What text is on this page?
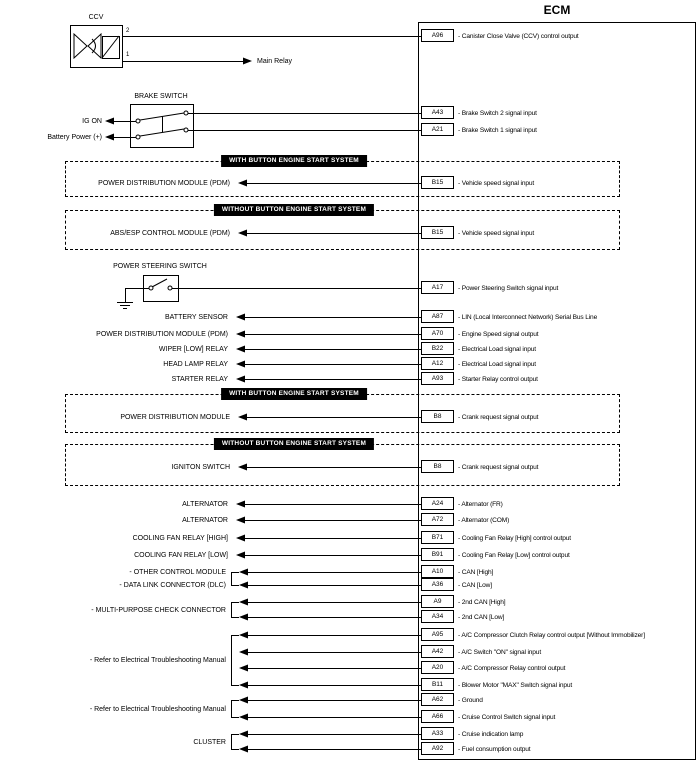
ECM
A96	- Canister Close Valve (CCV) control output
A43	- Brake Switch 2 signal input
A21	- Brake Switch 1 signal input
B15	- Vehicle speed signal input
B15	- Vehicle speed signal input
A17	- Power Steering Switch signal input
A87	- LIN (Local Interconnect Network) Serial Bus Line
A70	- Engine Speed signal output
B22	- Electrical Load signal input
A12	- Electrical Load signal input
A93	- Starter Relay control output
B8	- Crank request signal output
B8	- Crank request signal output
A24	- Alternator (FR)
A72	- Alternator (COM)
B71	- Cooling Fan Relay [High] control output
B91	- Cooling Fan Relay [Low] control output
A10	- CAN [High]
A36	- CAN [Low]
A9	- 2nd CAN [High]
A34	- 2nd CAN [Low]
A95	- A/C Compressor Clutch Relay control output [Without Immobilizer]
A42	- A/C Switch "ON" signal input
A20	- A/C Compressor Relay control output
B11	- Blower Motor "MAX" Switch signal input
A62	- Ground
A66	- Cruise Control Switch signal input
A33	- Cruise indication lamp
A92	- Fuel consumption output
BATTERY SENSOR
POWER DISTRIBUTION MODULE (PDM)
WIPER [LOW] RELAY
HEAD LAMP RELAY
STARTER RELAY
ALTERNATOR
ALTERNATOR
COOLING FAN RELAY [HIGH]
COOLING FAN RELAY [LOW]
- OTHER CONTROL MODULE
- DATA LINK CONNECTOR (DLC)
- MULTI-PURPOSE CHECK CONNECTOR
- Refer to Electrical Troubleshooting Manual
- Refer to Electrical Troubleshooting Manual
CLUSTER
WITH BUTTON ENGINE START SYSTEM
POWER DISTRIBUTION MODULE (PDM)
WITHOUT BUTTON ENGINE START SYSTEM
ABS/ESP CONTROL MODULE (PDM)
WITH BUTTON ENGINE START SYSTEM
POWER DISTRIBUTION MODULE
WITHOUT BUTTON ENGINE START SYSTEM
IGNITON SWITCH
CCV
2
1
Main Relay
BRAKE SWITCH
IG ON
Battery Power (+)
POWER STEERING SWITCH
